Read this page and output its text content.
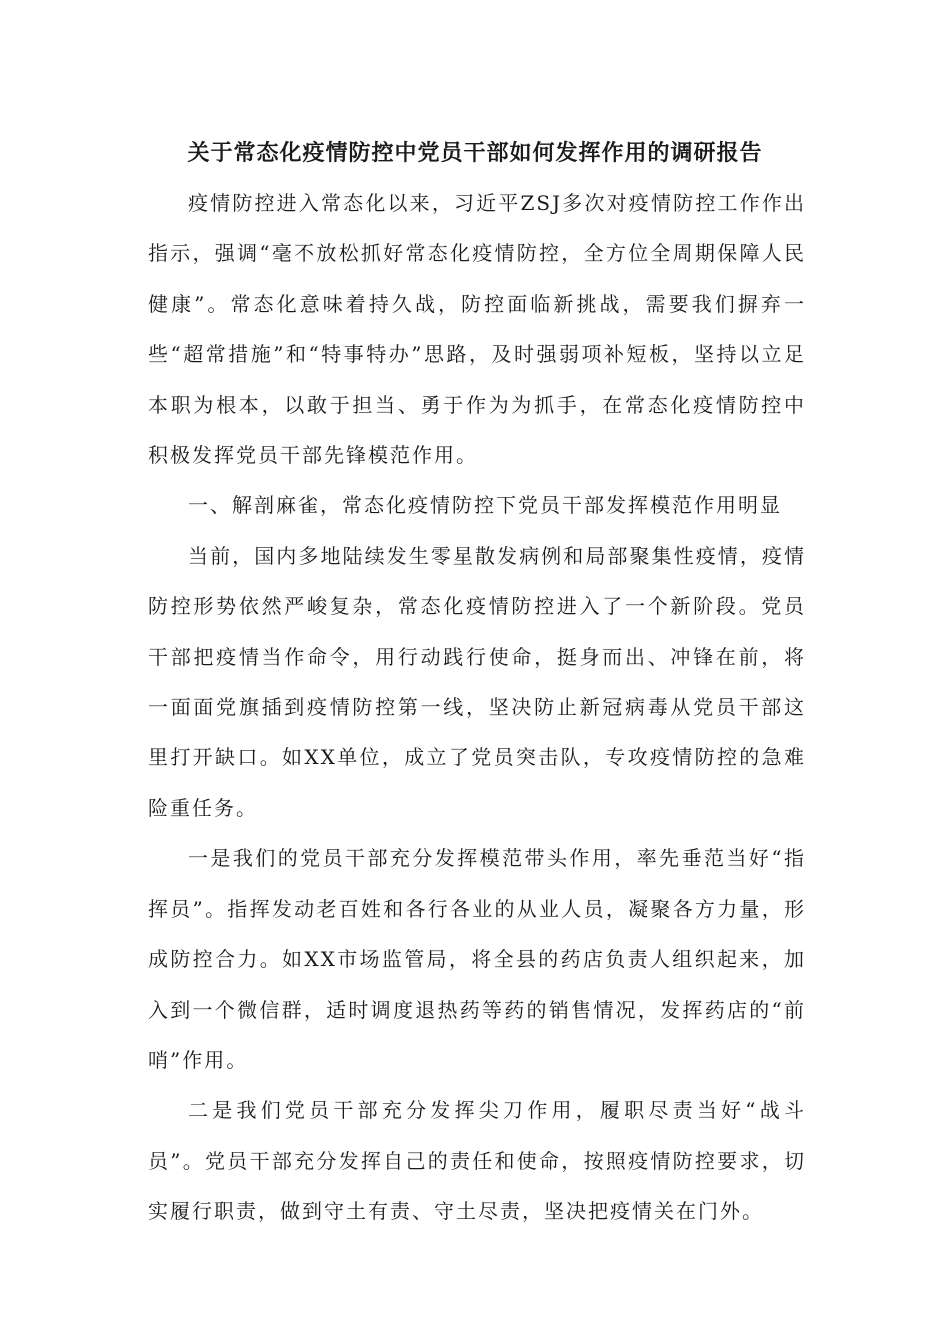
关于常态化疫情防控中党员干部如何发挥作用的调研报告

疫情防控进入常态化以来，习近平ZSJ多次对疫情防控工作作出指示，强调“毫不放松抓好常态化疫情防控，全方位全周期保障人民健康”。常态化意味着持久战，防控面临新挑战，需要我们摒弃一些“超常措施”和“特事特办”思路，及时强弱项补短板，坚持以立足本职为根本，以敢于担当、勇于作为为抓手，在常态化疫情防控中积极发挥党员干部先锋模范作用。

一、解剖麻雀，常态化疫情防控下党员干部发挥模范作用明显

当前，国内多地陆续发生零星散发病例和局部聚集性疫情，疫情防控形势依然严峻复杂，常态化疫情防控进入了一个新阶段。党员干部把疫情当作命令，用行动践行使命，挺身而出、冲锋在前，将一面面党旗插到疫情防控第一线，坚决防止新冠病毒从党员干部这里打开缺口。如XX单位，成立了党员突击队，专攻疫情防控的急难险重任务。

一是我们的党员干部充分发挥模范带头作用，率先垂范当好“指挥员”。指挥发动老百姓和各行各业的从业人员，凝聚各方力量，形成防控合力。如XX市场监管局，将全县的药店负责人组织起来，加入到一个微信群，适时调度退热药等药的销售情况，发挥药店的“前哨”作用。

二是我们党员干部充分发挥尖刀作用，履职尽责当好“战斗员”。党员干部充分发挥自己的责任和使命，按照疫情防控要求，切实履行职责，做到守土有责、守土尽责，坚决把疫情关在门外。
